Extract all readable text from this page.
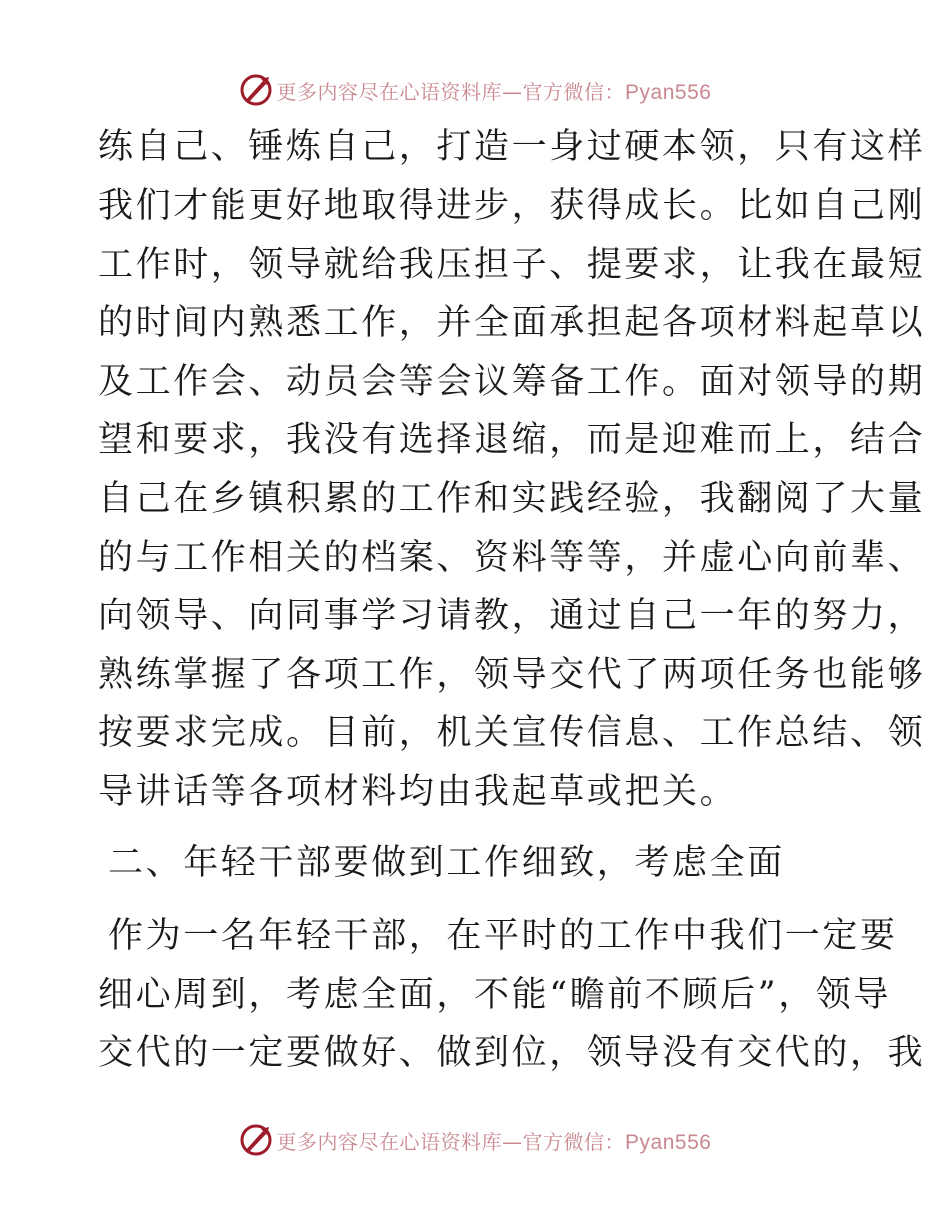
更多内容尽在心语资料库—官方微信：Pyan556
练自己、锤炼自己，打造一身过硬本领，只有这样
我们才能更好地取得进步，获得成长。比如自己刚
工作时，领导就给我压担子、提要求，让我在最短
的时间内熟悉工作，并全面承担起各项材料起草以
及工作会、动员会等会议筹备工作。面对领导的期
望和要求，我没有选择退缩，而是迎难而上，结合
自己在乡镇积累的工作和实践经验，我翻阅了大量
的与工作相关的档案、资料等等，并虚心向前辈、
向领导、向同事学习请教，通过自己一年的努力，
熟练掌握了各项工作，领导交代了两项任务也能够
按要求完成。目前，机关宣传信息、工作总结、领
导讲话等各项材料均由我起草或把关。
二、年轻干部要做到工作细致，考虑全面
作为一名年轻干部，在平时的工作中我们一定要
细心周到，考虑全面，不能“瞻前不顾后”，领导
交代的一定要做好、做到位，领导没有交代的，我
更多内容尽在心语资料库—官方微信：Pyan556
